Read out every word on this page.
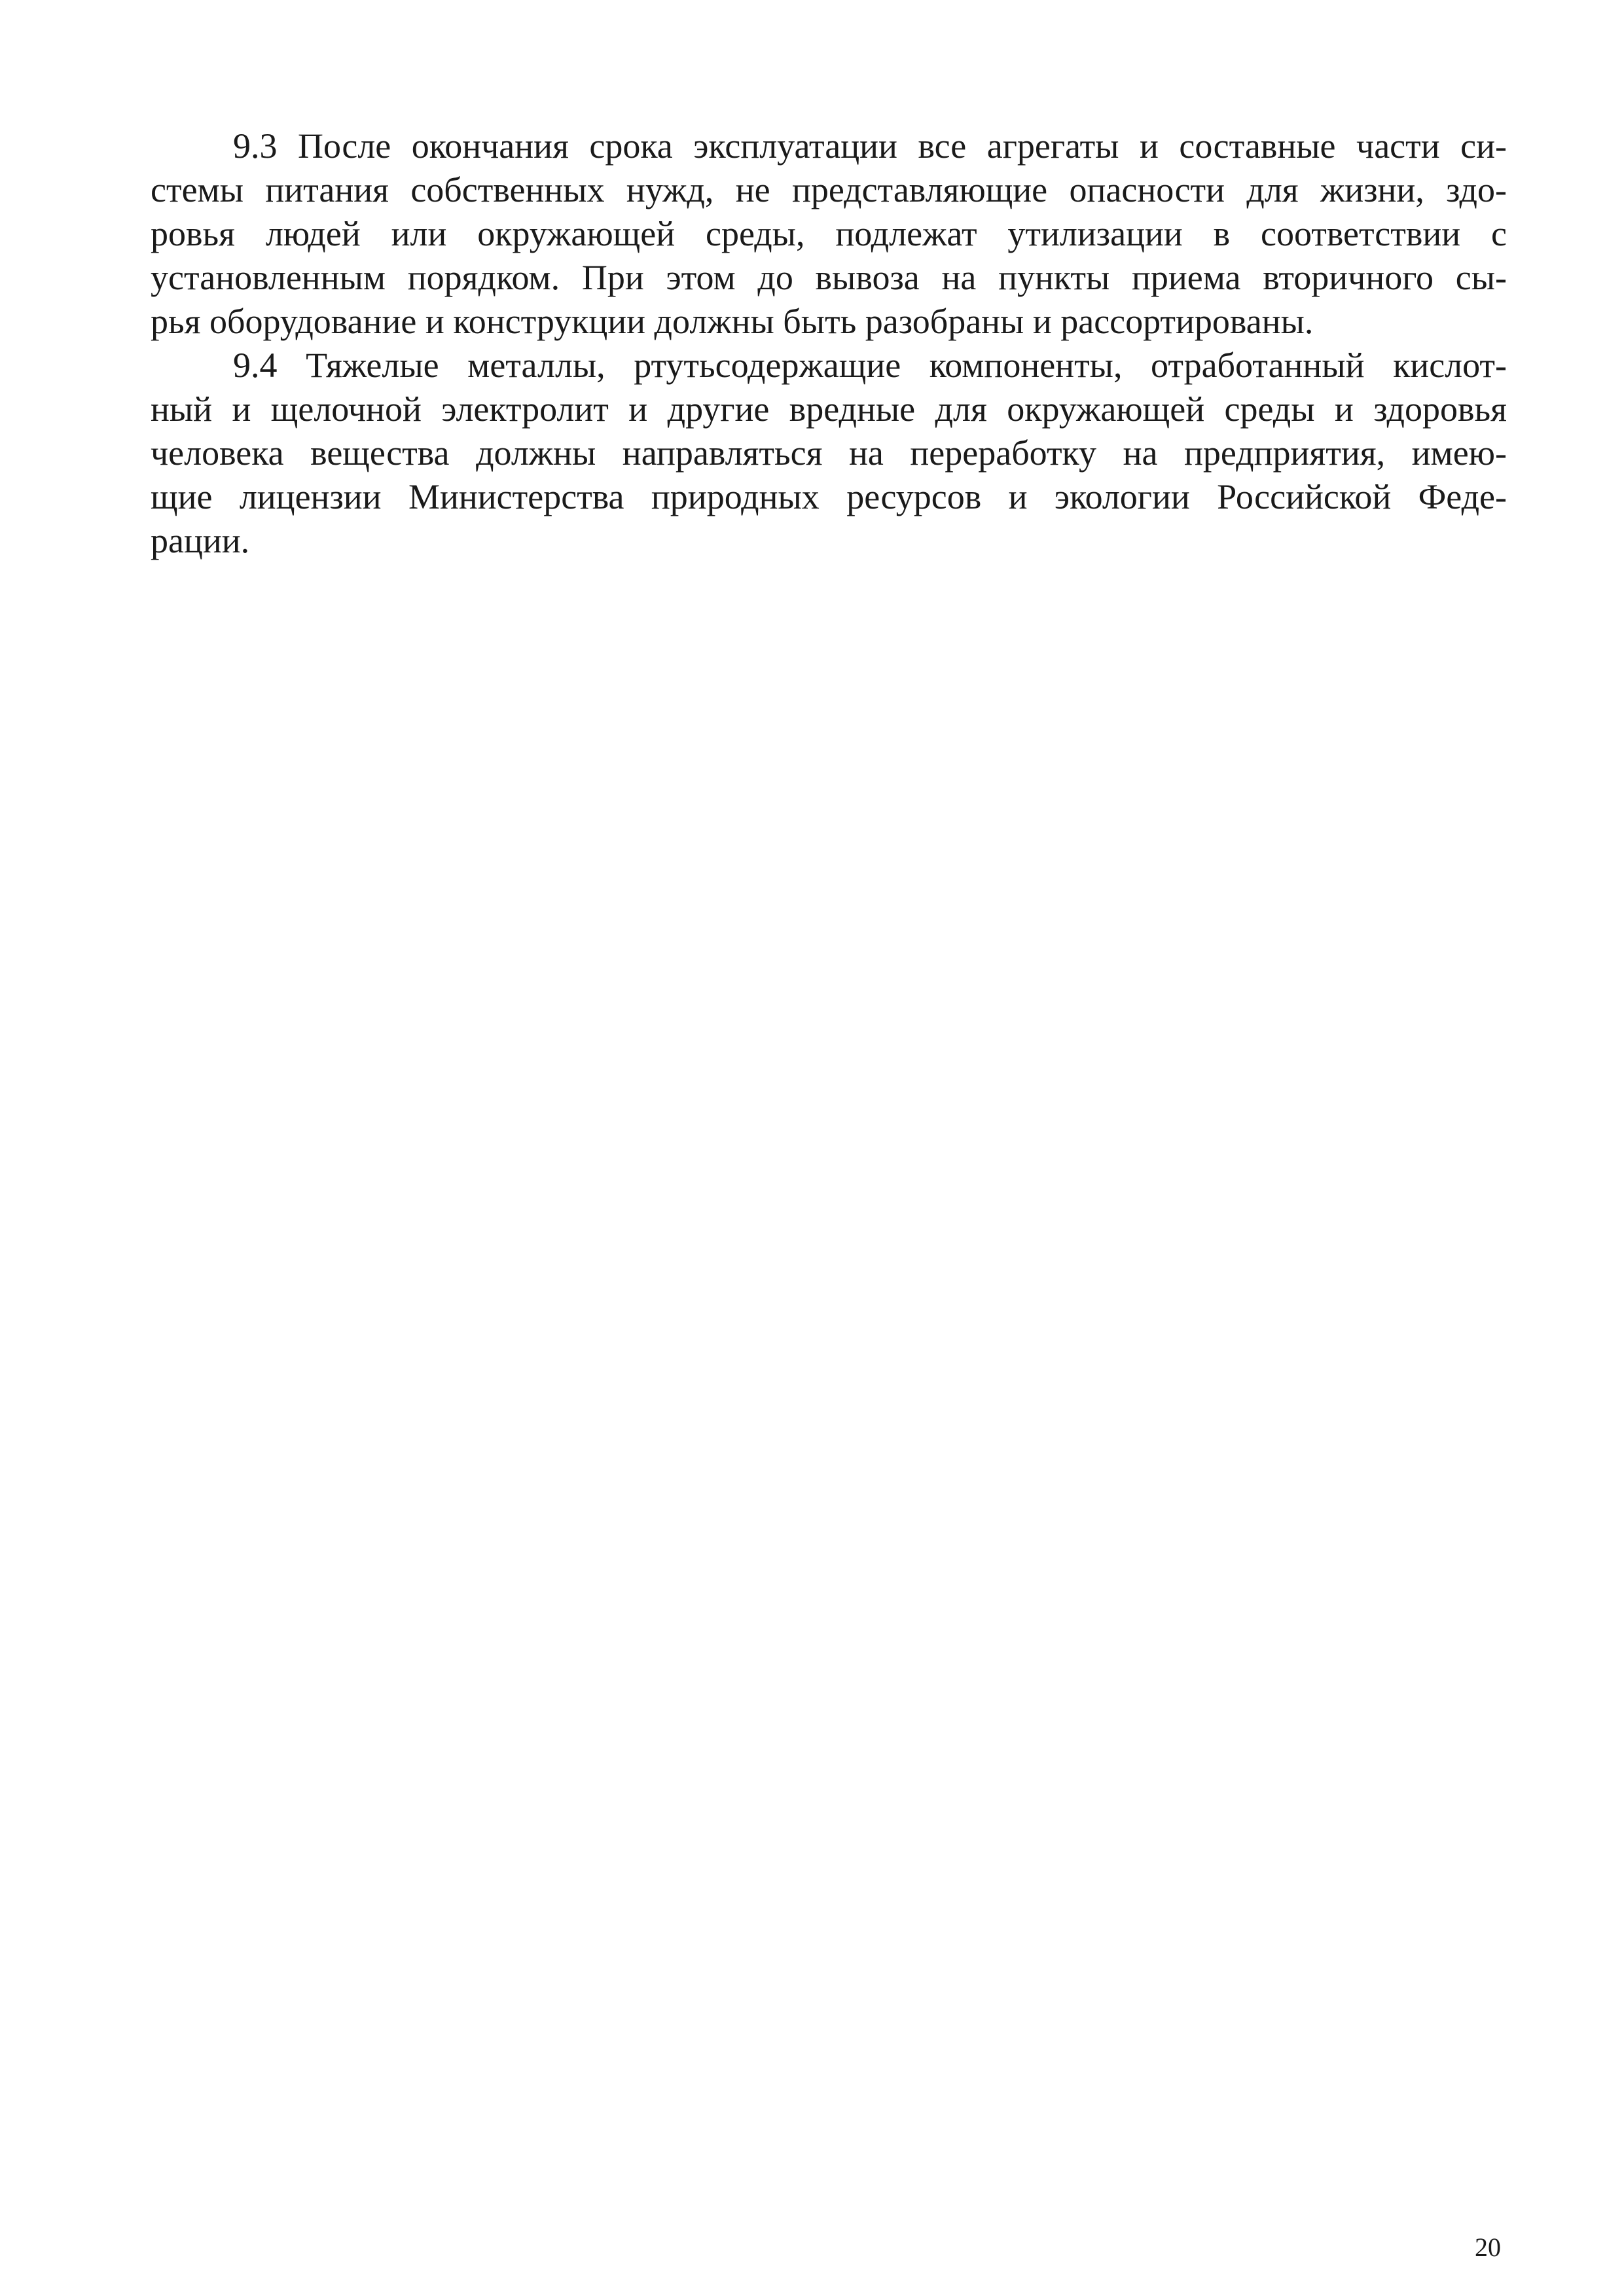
9.3 После окончания срока эксплуатации все агрегаты и составные части си-
стемы питания собственных нужд, не представляющие опасности для жизни, здо-
ровья людей или окружающей среды, подлежат утилизации в соответствии с
установленным порядком. При этом до вывоза на пункты приема вторичного сы-
рья оборудование и конструкции должны быть разобраны и рассортированы.

9.4 Тяжелые металлы, ртутьсодержащие компоненты, отработанный кислот-
ный и щелочной электролит и другие вредные для окружающей среды и здоровья
человека вещества должны направляться на переработку на предприятия, имею-
щие лицензии Министерства природных ресурсов и экологии Российской Феде-
рации.

20
